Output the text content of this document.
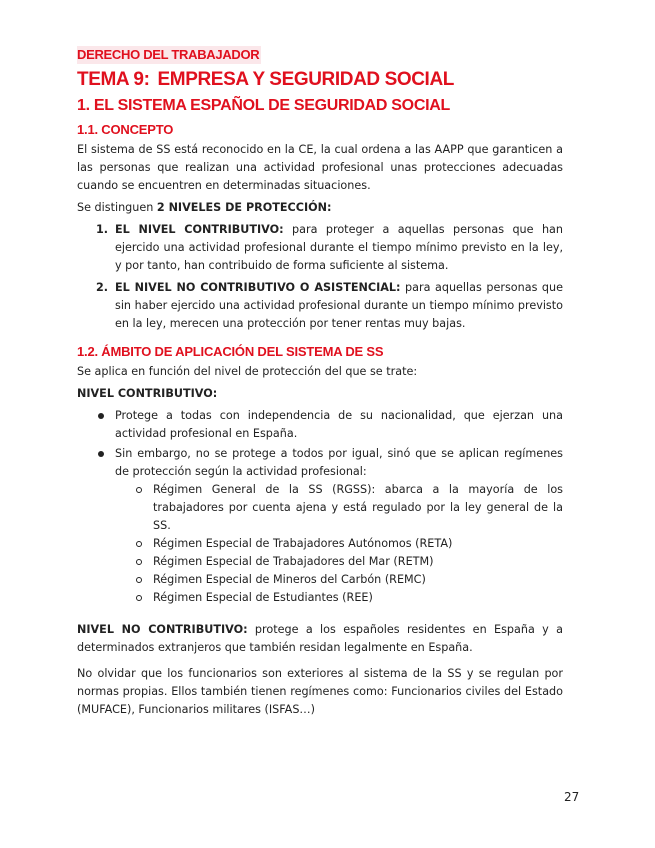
DERECHO DEL TRABAJADOR
TEMA 9: EMPRESA Y SEGURIDAD SOCIAL
1. EL SISTEMA ESPAÑOL DE SEGURIDAD SOCIAL
1.1. CONCEPTO

El sistema de SS está reconocido en la CE, la cual ordena a las AAPP que garanticen a las personas que realizan una actividad profesional unas protecciones adecuadas cuando se encuentren en determinadas situaciones.

Se distinguen 2 NIVELES DE PROTECCIÓN:

1. EL NIVEL CONTRIBUTIVO: para proteger a aquellas personas que han ejercido una actividad profesional durante el tiempo mínimo previsto en la ley, y por tanto, han contribuido de forma suficiente al sistema.

2. EL NIVEL NO CONTRIBUTIVO O ASISTENCIAL: para aquellas personas que sin haber ejercido una actividad profesional durante un tiempo mínimo previsto en la ley, merecen una protección por tener rentas muy bajas.

1.2. ÁMBITO DE APLICACIÓN DEL SISTEMA DE SS

Se aplica en función del nivel de protección del que se trate:

NIVEL CONTRIBUTIVO:

Protege a todas con independencia de su nacionalidad, que ejerzan una actividad profesional en España.

Sin embargo, no se protege a todos por igual, sinó que se aplican regímenes de protección según la actividad profesional:

Régimen General de la SS (RGSS): abarca a la mayoría de los trabajadores por cuenta ajena y está regulado por la ley general de la SS.

Régimen Especial de Trabajadores Autónomos (RETA)

Régimen Especial de Trabajadores del Mar (RETM)

Régimen Especial de Mineros del Carbón (REMC)

Régimen Especial de Estudiantes (REE)

NIVEL NO CONTRIBUTIVO: protege a los españoles residentes en España y a determinados extranjeros que también residan legalmente en España.

No olvidar que los funcionarios son exteriores al sistema de la SS y se regulan por normas propias. Ellos también tienen regímenes como: Funcionarios civiles del Estado (MUFACE), Funcionarios militares (ISFAS…)

27
